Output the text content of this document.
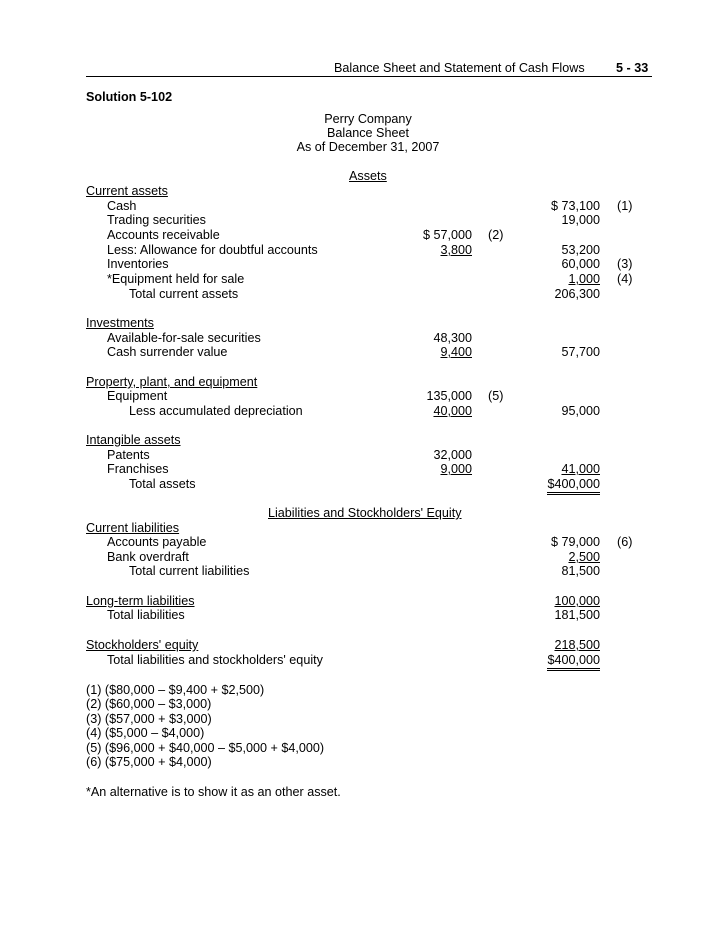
Balance Sheet and Statement of Cash Flows 5 - 33
Solution 5-102
Perry Company
Balance Sheet
As of December 31, 2007
Assets
Current assets
Cash	$ 73,100 (1)
Trading securities	19,000
Accounts receivable	$ 57,000 (2)
Less: Allowance for doubtful accounts	3,800	53,200
Inventories	60,000 (3)
*Equipment held for sale	1,000 (4)
Total current assets	206,300
Investments
Available-for-sale securities	48,300
Cash surrender value	9,400	57,700
Property, plant, and equipment
Equipment	135,000 (5)
Less accumulated depreciation	40,000	95,000
Intangible assets
Patents	32,000
Franchises	9,000	41,000
Total assets	$400,000
Liabilities and Stockholders' Equity
Current liabilities
Accounts payable	$ 79,000 (6)
Bank overdraft	2,500
Total current liabilities	81,500
Long-term liabilities	100,000
Total liabilities	181,500
Stockholders' equity	218,500
Total liabilities and stockholders' equity	$400,000
(1) ($80,000 – $9,400 + $2,500)
(2) ($60,000 – $3,000)
(3) ($57,000 + $3,000)
(4) ($5,000 – $4,000)
(5) ($96,000 + $40,000 – $5,000 + $4,000)
(6) ($75,000 + $4,000)
*An alternative is to show it as an other asset.
